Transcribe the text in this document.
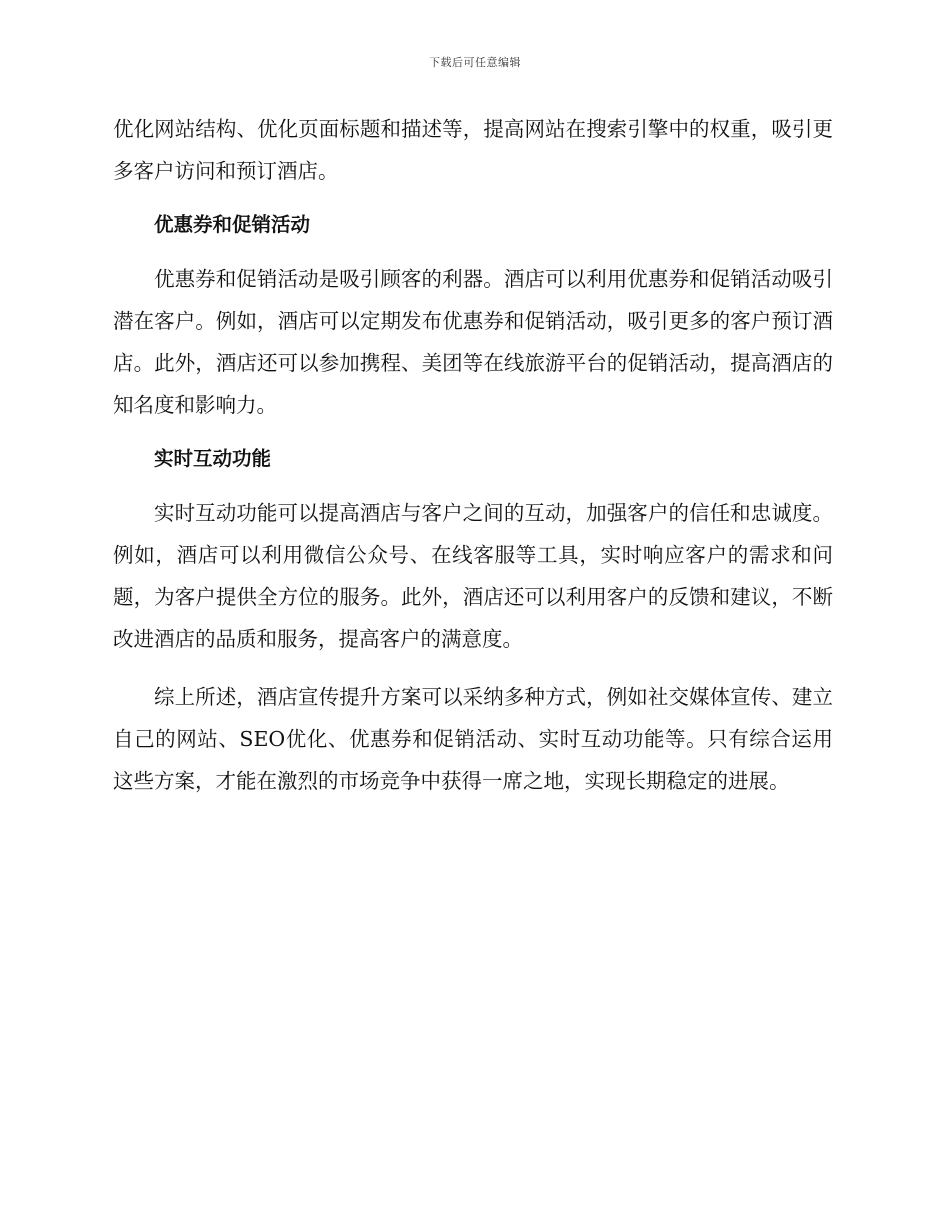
下载后可任意编辑

优化网站结构、优化页面标题和描述等，提高网站在搜索引擎中的权重，吸引更多客户访问和预订酒店。

优惠券和促销活动

优惠券和促销活动是吸引顾客的利器。酒店可以利用优惠券和促销活动吸引潜在客户。例如，酒店可以定期发布优惠券和促销活动，吸引更多的客户预订酒店。此外，酒店还可以参加携程、美团等在线旅游平台的促销活动，提高酒店的知名度和影响力。

实时互动功能

实时互动功能可以提高酒店与客户之间的互动，加强客户的信任和忠诚度。例如，酒店可以利用微信公众号、在线客服等工具，实时响应客户的需求和问题，为客户提供全方位的服务。此外，酒店还可以利用客户的反馈和建议，不断改进酒店的品质和服务，提高客户的满意度。

综上所述，酒店宣传提升方案可以采纳多种方式，例如社交媒体宣传、建立自己的网站、SEO优化、优惠券和促销活动、实时互动功能等。只有综合运用这些方案，才能在激烈的市场竞争中获得一席之地，实现长期稳定的进展。
